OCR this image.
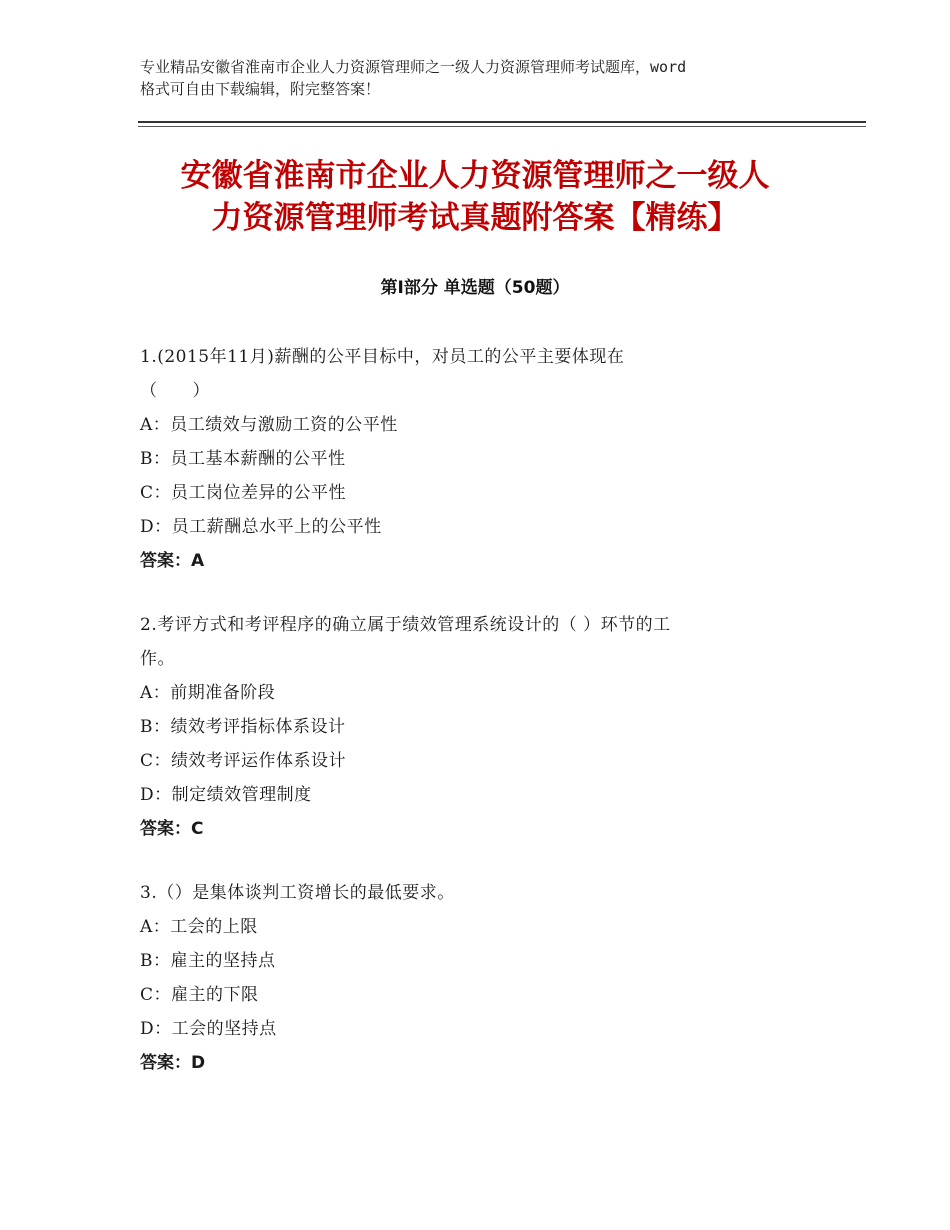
专业精品安徽省淮南市企业人力资源管理师之一级人力资源管理师考试题库，word
格式可自由下载编辑，附完整答案！
安徽省淮南市企业人力资源管理师之一级人
力资源管理师考试真题附答案【精练】
第Ⅰ部分 单选题（50题）
1.(2015年11月)薪酬的公平目标中，对员工的公平主要体现在
（　　）
A：员工绩效与激励工资的公平性
B：员工基本薪酬的公平性
C：员工岗位差异的公平性
D：员工薪酬总水平上的公平性
答案：A
2.考评方式和考评程序的确立属于绩效管理系统设计的（ ）环节的工
作。
A：前期准备阶段
B：绩效考评指标体系设计
C：绩效考评运作体系设计
D：制定绩效管理制度
答案：C
3.（）是集体谈判工资增长的最低要求。
A：工会的上限
B：雇主的坚持点
C：雇主的下限
D：工会的坚持点
答案：D
